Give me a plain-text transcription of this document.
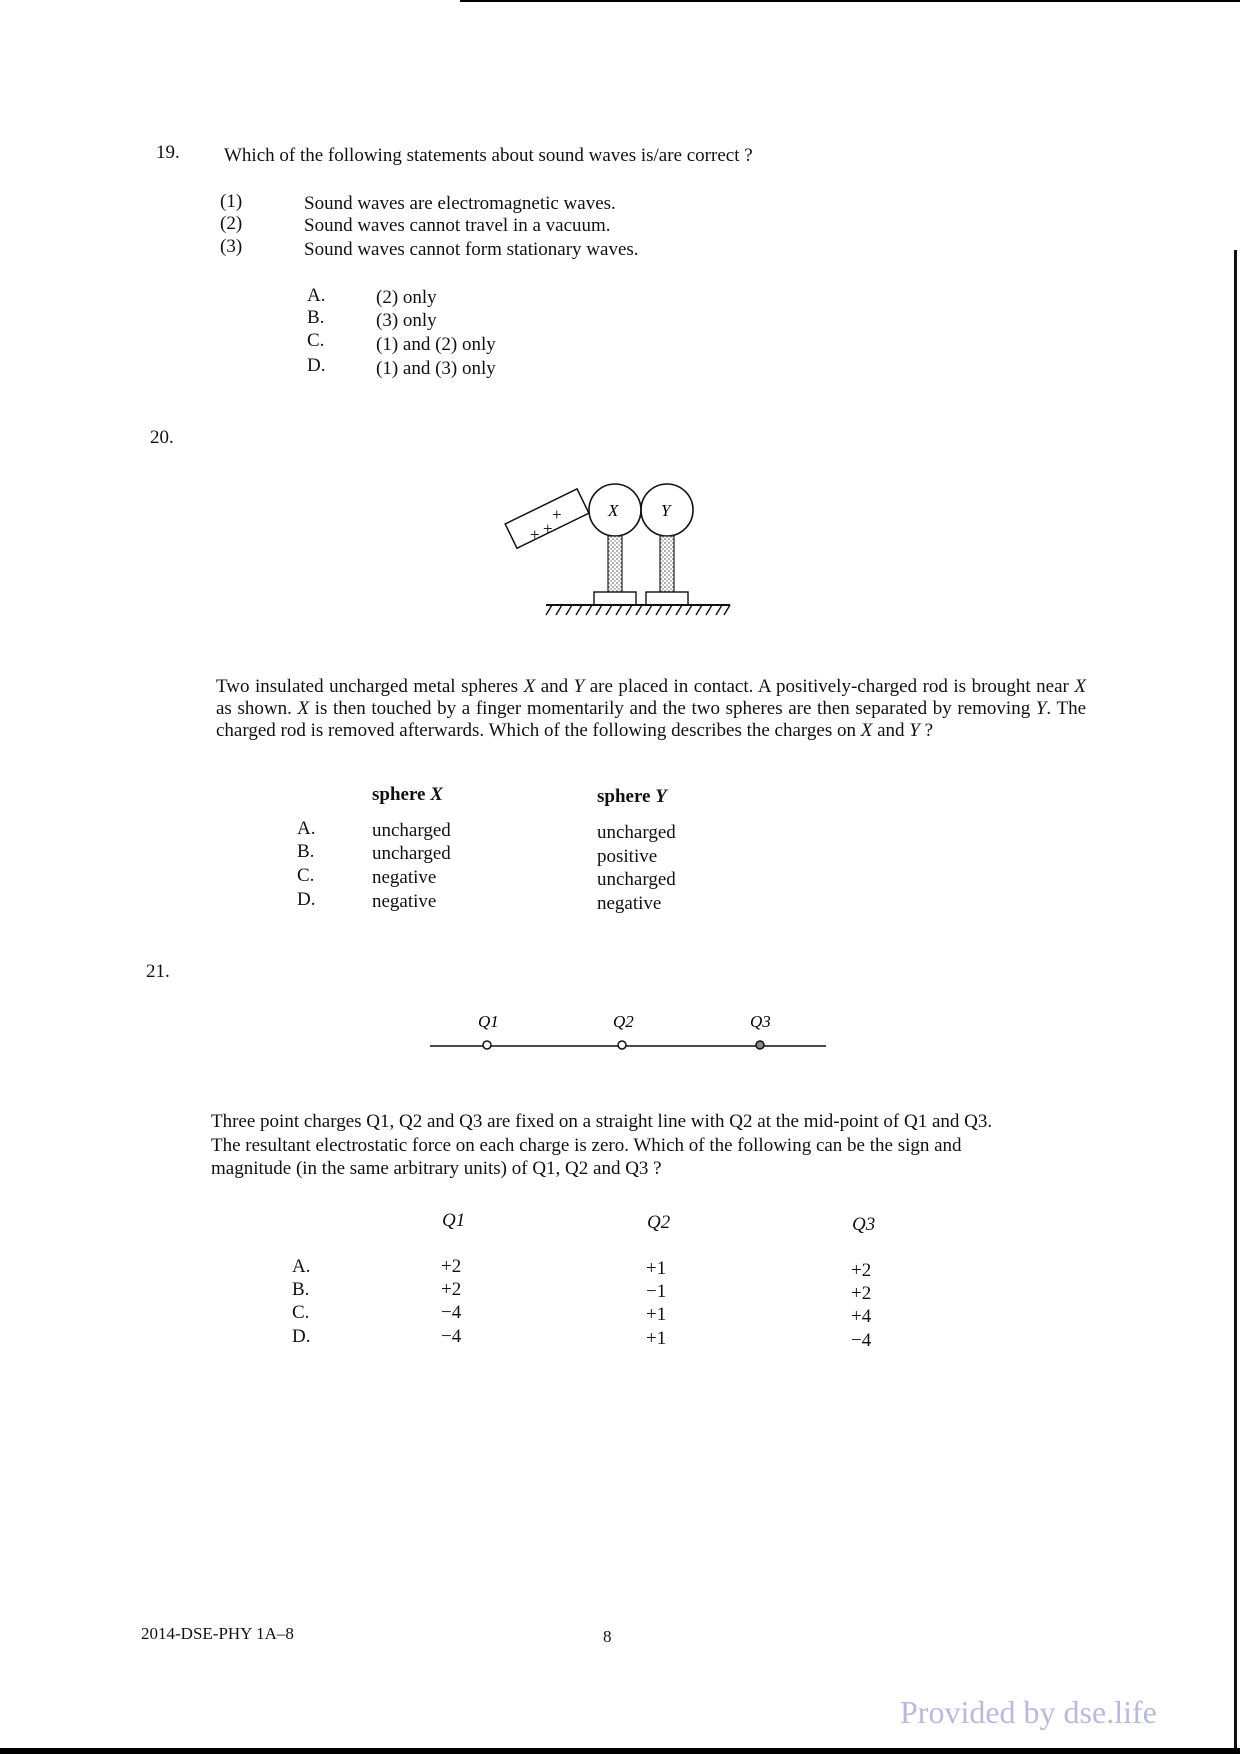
19. Which of the following statements about sound waves is/are correct ?
(1)	Sound waves are electromagnetic waves.
(2)	Sound waves cannot travel in a vacuum.
(3)	Sound waves cannot form stationary waves.
A.	(2) only
B.	(3) only
C.	(1) and (2) only
D.	(1) and (3) only
20.
+
+ +
X	Y
Two insulated uncharged metal spheres X and Y are placed in contact. A positively-charged rod is brought near X as shown. X is then touched by a finger momentarily and the two spheres are then separated by removing Y. The charged rod is removed afterwards. Which of the following describes the charges on X and Y ?
sphere X	sphere Y
A.	uncharged	uncharged
B.	uncharged	positive
C.	negative	uncharged
D.	negative	negative
21.
Q1	Q2	Q3
Three point charges Q1, Q2 and Q3 are fixed on a straight line with Q2 at the mid-point of Q1 and Q3.
The resultant electrostatic force on each charge is zero. Which of the following can be the sign and
magnitude (in the same arbitrary units) of Q1, Q2 and Q3 ?
Q1	Q2	Q3
A.	+2	+1	+2
B.	+2	−1	+2
C.	−4	+1	+4
D.	−4	+1	−4
2014-DSE-PHY 1A–8	8
Provided by dse.life
